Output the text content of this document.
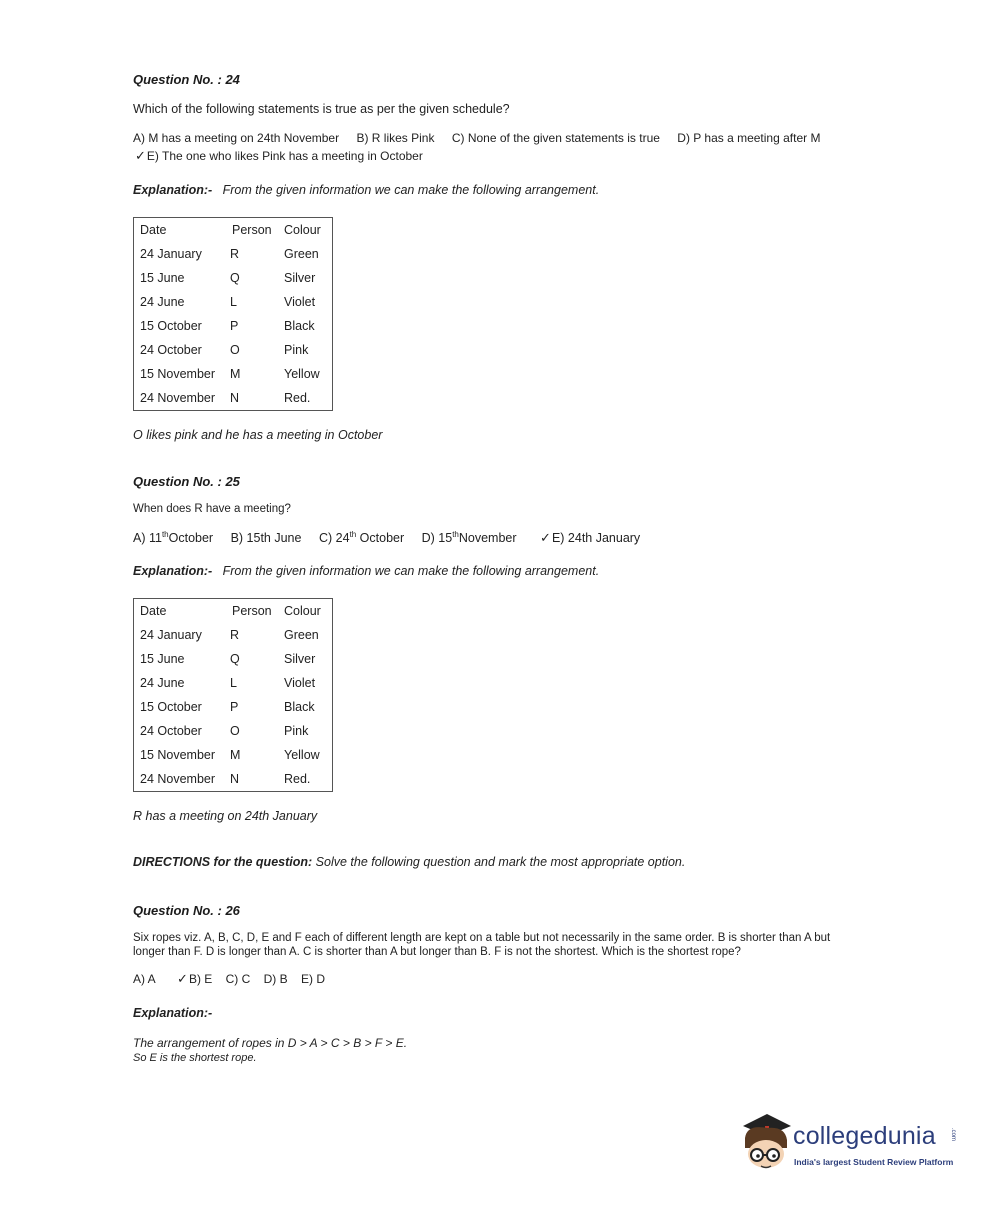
Question No. : 24
Which of the following statements is true as per the given schedule?
A) M has a meeting on 24th November B) R likes Pink C) None of the given statements is true D) P has a meeting after M
✓E) The one who likes Pink has a meeting in October
Explanation:- From the given information we can make the following arrangement.
Date	Person	Colour
24 January	R	Green
15 June	Q	Silver
24 June	L	Violet
15 October	P	Black
24 October	O	Pink
15 November	M	Yellow
24 November	N	Red.
O likes pink and he has a meeting in October
Question No. : 25
When does R have a meeting?
A) 11thOctober B) 15th June C) 24th October D) 15thNovember ✓E) 24th January
Explanation:- From the given information we can make the following arrangement.
Date	Person	Colour
24 January	R	Green
15 June	Q	Silver
24 June	L	Violet
15 October	P	Black
24 October	O	Pink
15 November	M	Yellow
24 November	N	Red.
R has a meeting on 24th January
DIRECTIONS for the question: Solve the following question and mark the most appropriate option.
Question No. : 26
Six ropes viz. A, B, C, D, E and F each of different length are kept on a table but not necessarily in the same order. B is shorter than A but
longer than F. D is longer than A. C is shorter than A but longer than B. F is not the shortest. Which is the shortest rope?
A) A ✓B) E C) C D) B E) D
Explanation:-
The arrangement of ropes in D > A > C > B > F > E.
So E is the shortest rope.
collegedunia .com
India's largest Student Review Platform
